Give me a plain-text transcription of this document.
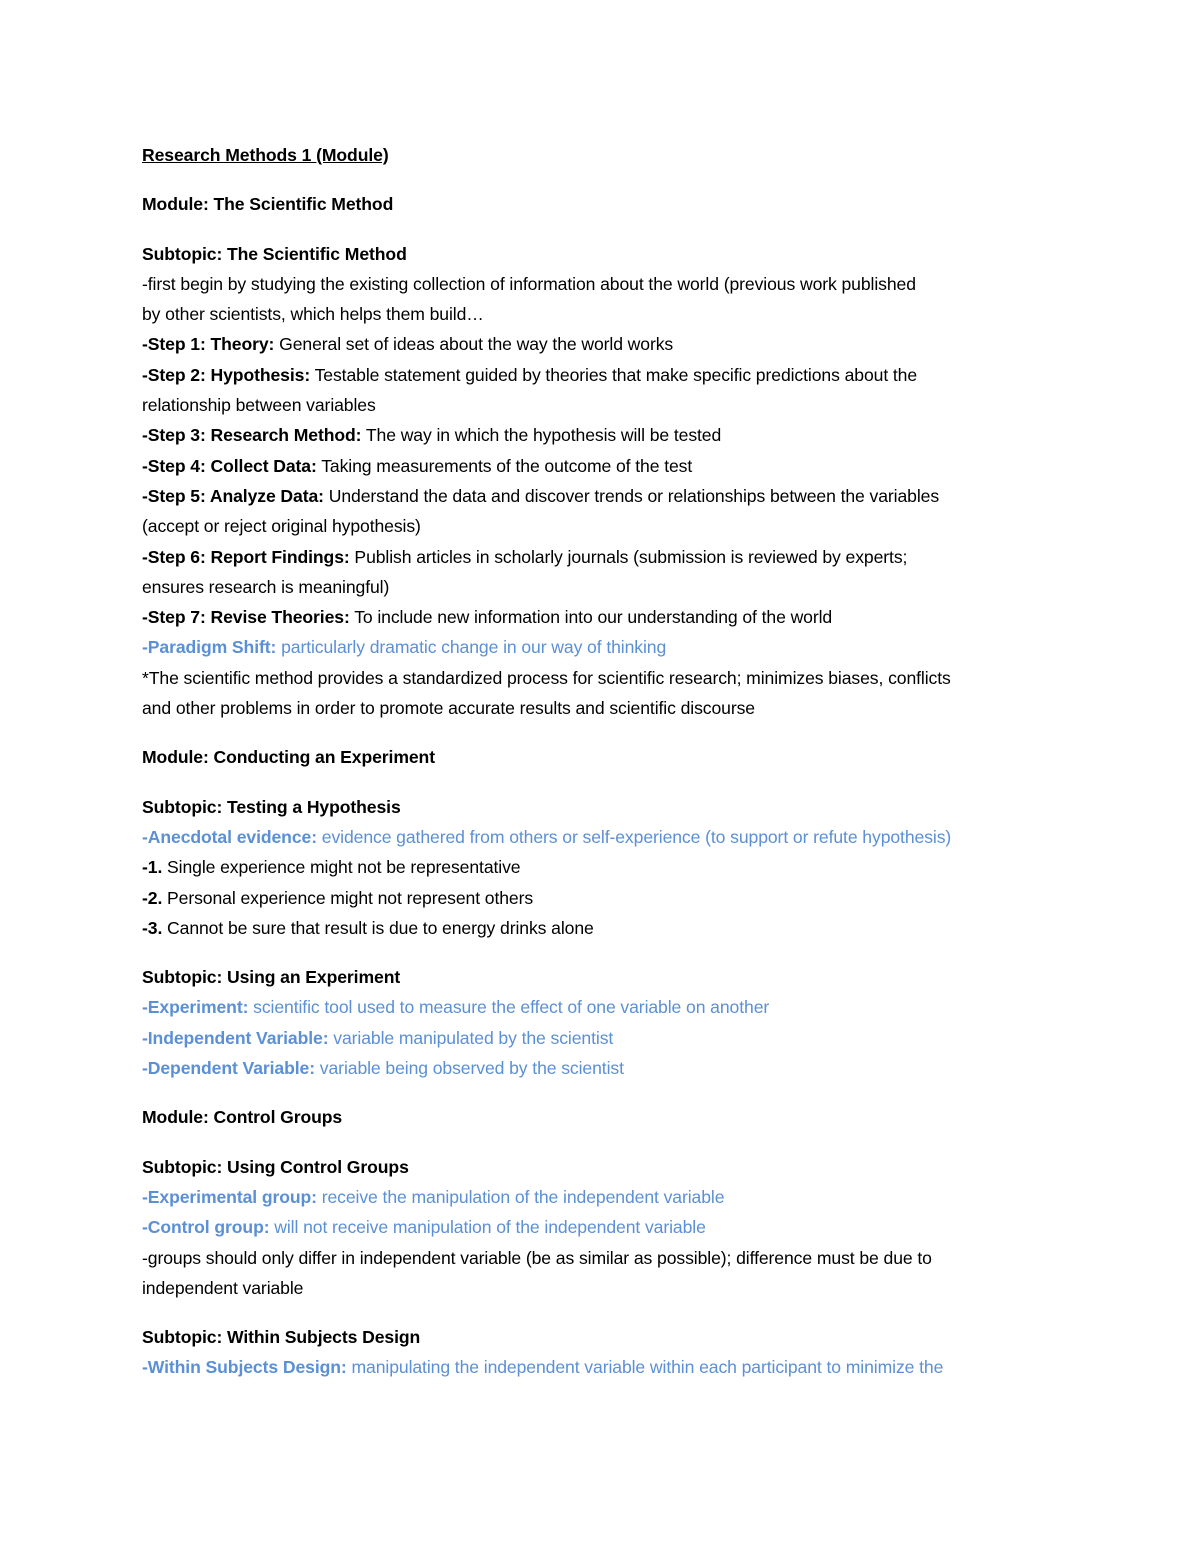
Research Methods 1 (Module)

Module: The Scientific Method

Subtopic: The Scientific Method

-first begin by studying the existing collection of information about the world (previous work published

by other scientists, which helps them build…

-Step 1: Theory: General set of ideas about the way the world works

-Step 2: Hypothesis: Testable statement guided by theories that make specific predictions about the

relationship between variables

-Step 3: Research Method: The way in which the hypothesis will be tested

-Step 4: Collect Data: Taking measurements of the outcome of the test

-Step 5: Analyze Data: Understand the data and discover trends or relationships between the variables

(accept or reject original hypothesis)

-Step 6: Report Findings: Publish articles in scholarly journals (submission is reviewed by experts;

ensures research is meaningful)

-Step 7: Revise Theories: To include new information into our understanding of the world

-Paradigm Shift: particularly dramatic change in our way of thinking

*The scientific method provides a standardized process for scientific research; minimizes biases, conflicts

and other problems in order to promote accurate results and scientific discourse

Module: Conducting an Experiment

Subtopic: Testing a Hypothesis

-Anecdotal evidence: evidence gathered from others or self-experience (to support or refute hypothesis)

-1. Single experience might not be representative

-2. Personal experience might not represent others

-3. Cannot be sure that result is due to energy drinks alone

Subtopic: Using an Experiment

-Experiment: scientific tool used to measure the effect of one variable on another

-Independent Variable: variable manipulated by the scientist

-Dependent Variable: variable being observed by the scientist

Module: Control Groups

Subtopic: Using Control Groups

-Experimental group: receive the manipulation of the independent variable

-Control group: will not receive manipulation of the independent variable

-groups should only differ in independent variable (be as similar as possible); difference must be due to

independent variable

Subtopic: Within Subjects Design

-Within Subjects Design: manipulating the independent variable within each participant to minimize the
